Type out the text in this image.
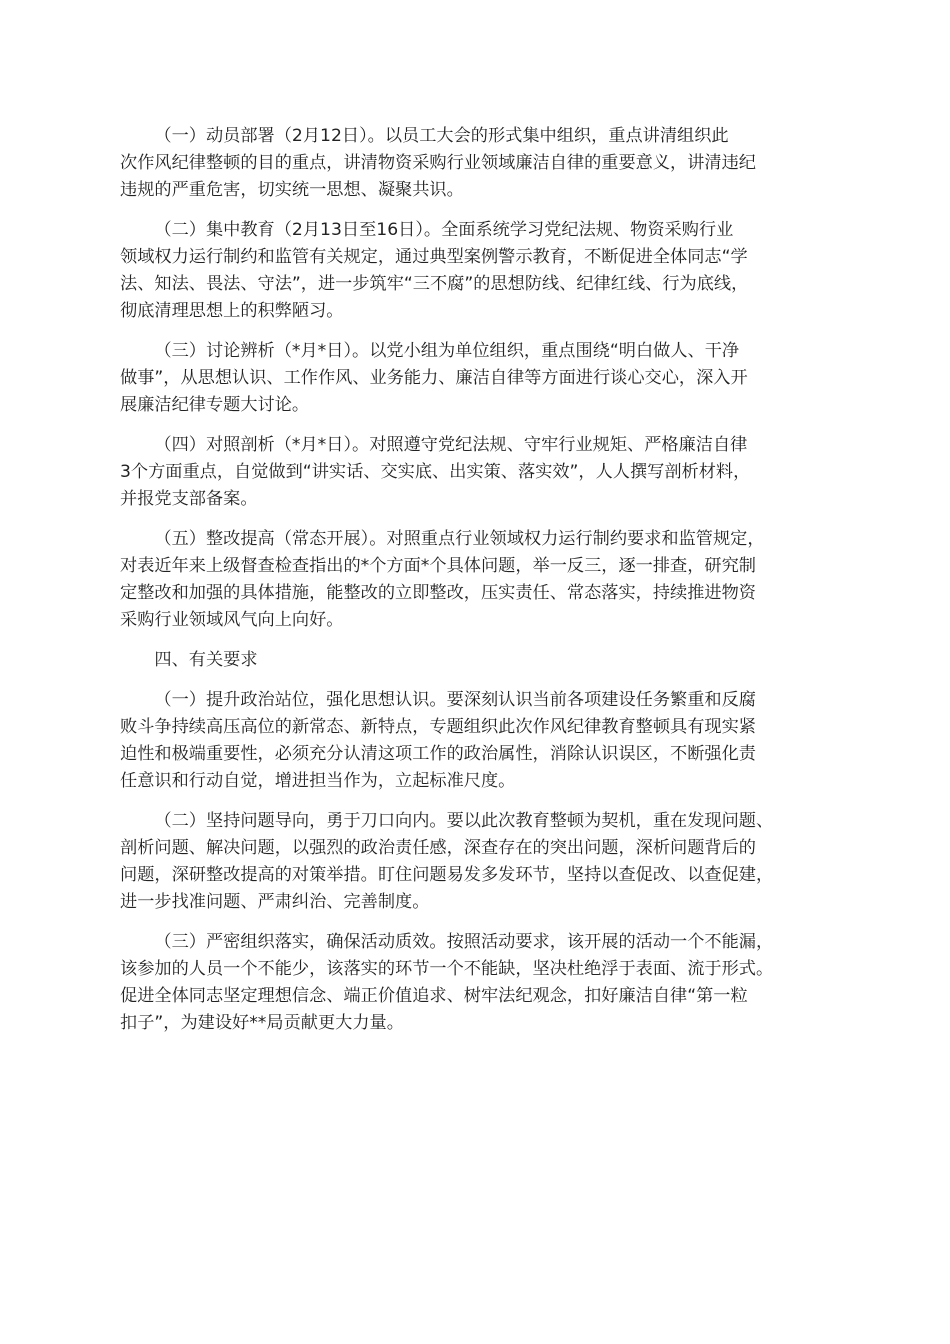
（一）动员部署（2月12日）。以员工大会的形式集中组织，重点讲清组织此
次作风纪律整顿的目的重点，讲清物资采购行业领域廉洁自律的重要意义，讲清违纪
违规的严重危害，切实统一思想、凝聚共识。

（二）集中教育（2月13日至16日）。全面系统学习党纪法规、物资采购行业
领域权力运行制约和监管有关规定，通过典型案例警示教育，不断促进全体同志“学
法、知法、畏法、守法”，进一步筑牢“三不腐”的思想防线、纪律红线、行为底线，
彻底清理思想上的积弊陋习。

（三）讨论辨析（*月*日）。以党小组为单位组织，重点围绕“明白做人、干净
做事”，从思想认识、工作作风、业务能力、廉洁自律等方面进行谈心交心，深入开
展廉洁纪律专题大讨论。

（四）对照剖析（*月*日）。对照遵守党纪法规、守牢行业规矩、严格廉洁自律
3个方面重点，自觉做到“讲实话、交实底、出实策、落实效”，人人撰写剖析材料，
并报党支部备案。

（五）整改提高（常态开展）。对照重点行业领域权力运行制约要求和监管规定，
对表近年来上级督查检查指出的*个方面*个具体问题，举一反三，逐一排查，研究制
定整改和加强的具体措施，能整改的立即整改，压实责任、常态落实，持续推进物资
采购行业领域风气向上向好。

四、有关要求

（一）提升政治站位，强化思想认识。要深刻认识当前各项建设任务繁重和反腐
败斗争持续高压高位的新常态、新特点，专题组织此次作风纪律教育整顿具有现实紧
迫性和极端重要性，必须充分认清这项工作的政治属性，消除认识误区，不断强化责
任意识和行动自觉，增进担当作为，立起标准尺度。

（二）坚持问题导向，勇于刀口向内。要以此次教育整顿为契机，重在发现问题、
剖析问题、解决问题，以强烈的政治责任感，深查存在的突出问题，深析问题背后的
问题，深研整改提高的对策举措。盯住问题易发多发环节，坚持以查促改、以查促建，
进一步找准问题、严肃纠治、完善制度。

（三）严密组织落实，确保活动质效。按照活动要求，该开展的活动一个不能漏，
该参加的人员一个不能少，该落实的环节一个不能缺，坚决杜绝浮于表面、流于形式。
促进全体同志坚定理想信念、端正价值追求、树牢法纪观念，扣好廉洁自律“第一粒
扣子”，为建设好**局贡献更大力量。
